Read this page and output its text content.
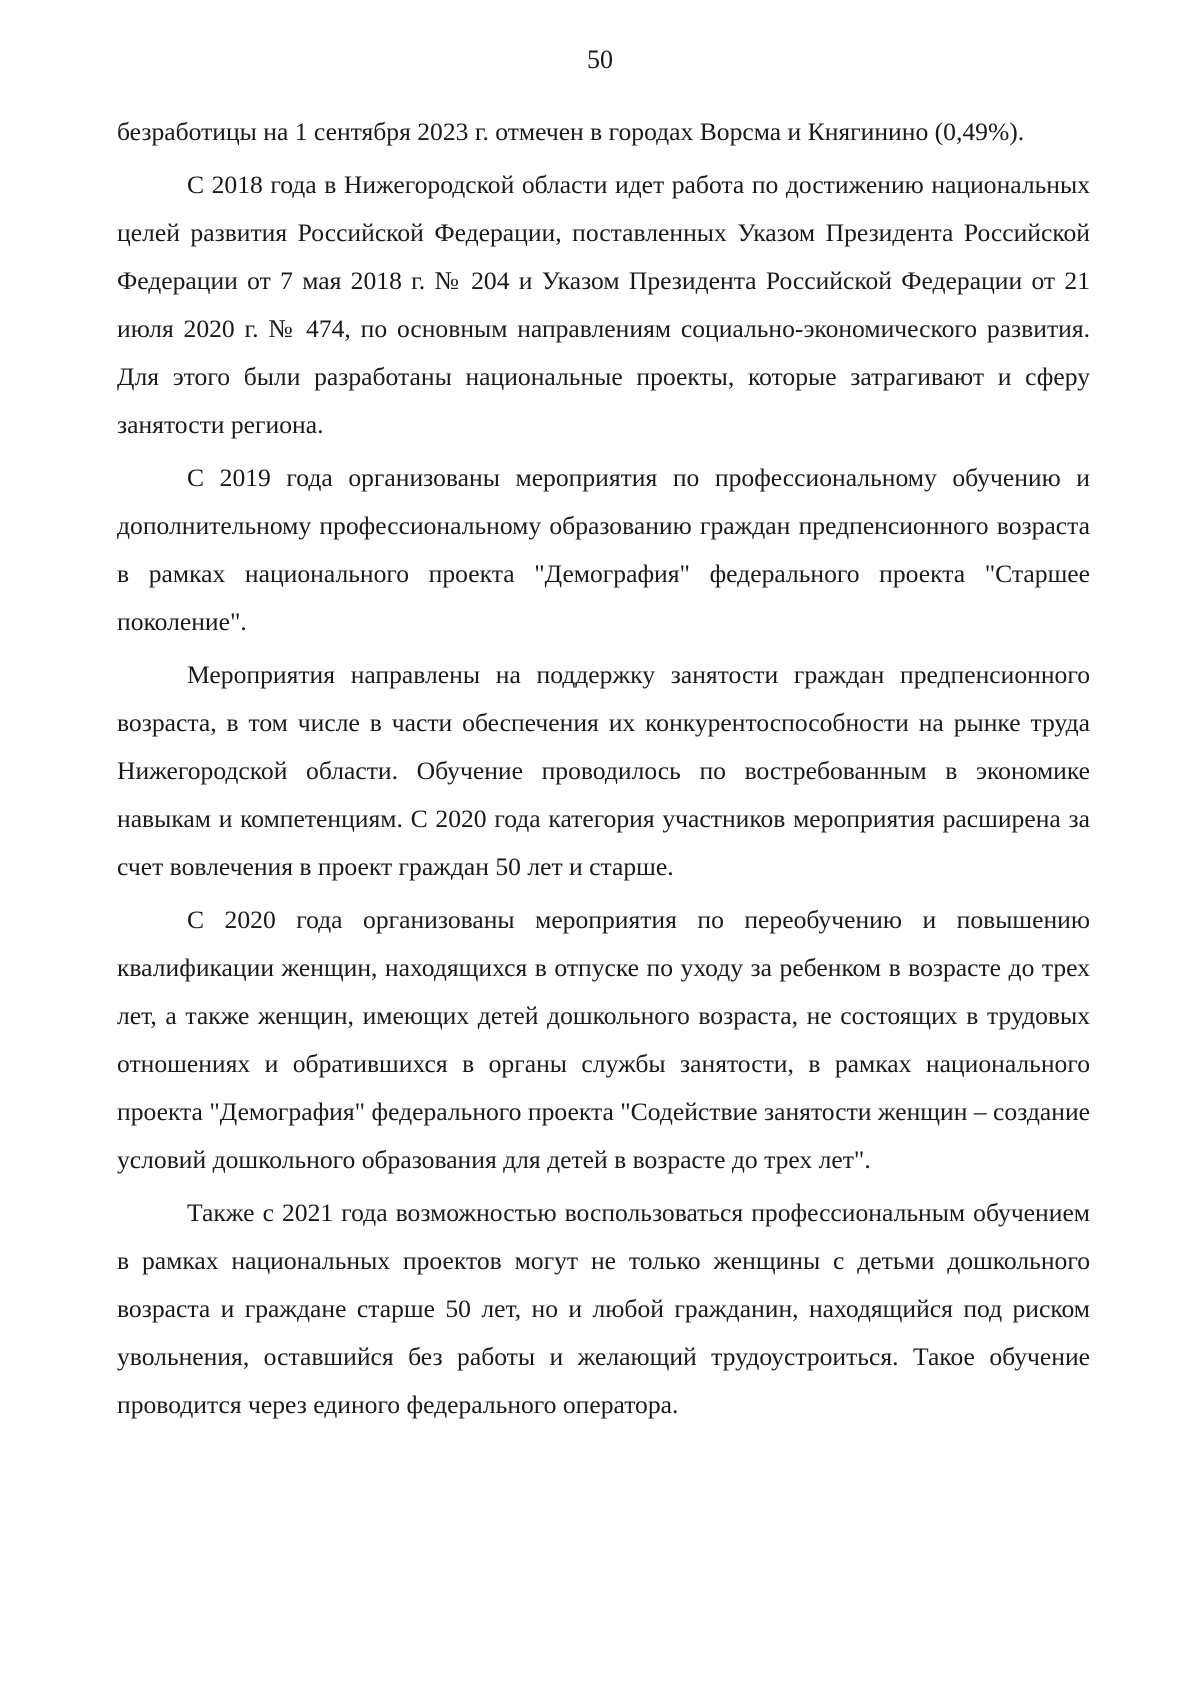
50

безработицы на 1 сентября 2023 г. отмечен в городах Ворсма и Княгинино (0,49%).

С 2018 года в Нижегородской области идет работа по достижению национальных целей развития Российской Федерации, поставленных Указом Президента Российской Федерации от 7 мая 2018 г. № 204 и Указом Президента Российской Федерации от 21 июля 2020 г. № 474, по основным направлениям социально-экономического развития. Для этого были разработаны национальные проекты, которые затрагивают и сферу занятости региона.

С 2019 года организованы мероприятия по профессиональному обучению и дополнительному профессиональному образованию граждан предпенсионного возраста в рамках национального проекта "Демография" федерального проекта "Старшее поколение".

Мероприятия направлены на поддержку занятости граждан предпенсионного возраста, в том числе в части обеспечения их конкурентоспособности на рынке труда Нижегородской области. Обучение проводилось по востребованным в экономике навыкам и компетенциям. С 2020 года категория участников мероприятия расширена за счет вовлечения в проект граждан 50 лет и старше.

С 2020 года организованы мероприятия по переобучению и повышению квалификации женщин, находящихся в отпуске по уходу за ребенком в возрасте до трех лет, а также женщин, имеющих детей дошкольного возраста, не состоящих в трудовых отношениях и обратившихся в органы службы занятости, в рамках национального проекта "Демография" федерального проекта "Содействие занятости женщин – создание условий дошкольного образования для детей в возрасте до трех лет".

Также с 2021 года возможностью воспользоваться профессиональным обучением в рамках национальных проектов могут не только женщины с детьми дошкольного возраста и граждане старше 50 лет, но и любой гражданин, находящийся под риском увольнения, оставшийся без работы и желающий трудоустроиться. Такое обучение проводится через единого федерального оператора.
